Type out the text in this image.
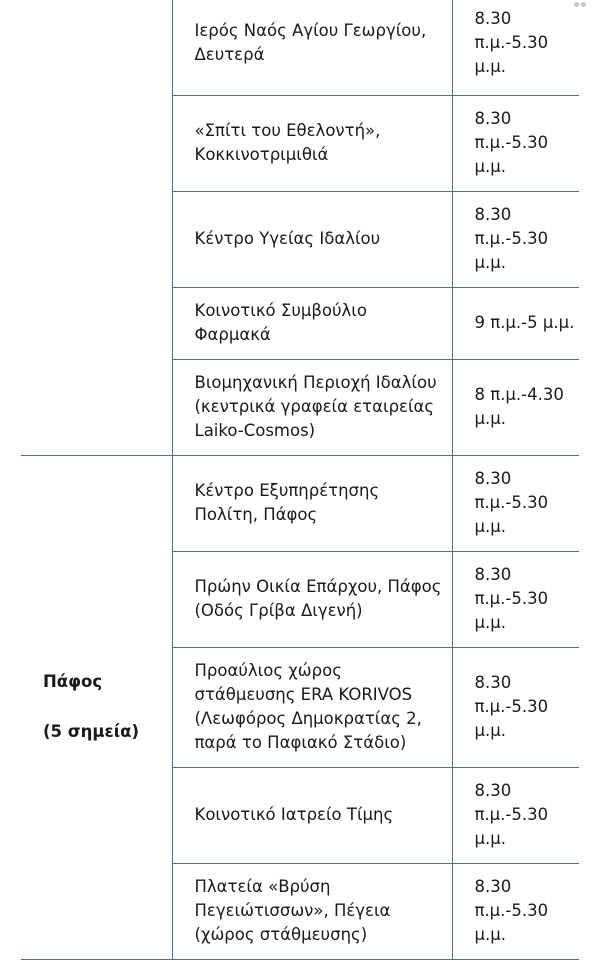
	Ιερός Ναός Αγίου Γεωργίου, Δευτερά	8.30 π.μ.-5.30 μ.μ.
	«Σπίτι του Εθελοντή», Κοκκινοτριμιθιά	8.30 π.μ.-5.30 μ.μ.
	Κέντρο Υγείας Ιδαλίου	8.30 π.μ.-5.30 μ.μ.
	Κοινοτικό Συμβούλιο Φαρμακά	9 π.μ.-5 μ.μ.
	Βιομηχανική Περιοχή Ιδαλίου (κεντρικά γραφεία εταιρείας Laiko-Cosmos)	8 π.μ.-4.30 μ.μ.

Πάφος
(5 σημεία)	Κέντρο Εξυπηρέτησης Πολίτη, Πάφος	8.30 π.μ.-5.30 μ.μ.
	Πρώην Οικία Επάρχου, Πάφος (Οδός Γρίβα Διγενή)	8.30 π.μ.-5.30 μ.μ.
	Προαύλιος χώρος στάθμευσης ERA KORIVOS (Λεωφόρος Δημοκρατίας 2, παρά το Παφιακό Στάδιο)	8.30 π.μ.-5.30 μ.μ.
	Κοινοτικό Ιατρείο Τίμης	8.30 π.μ.-5.30 μ.μ.
	Πλατεία «Βρύση Πεγειώτισσων», Πέγεια (χώρος στάθμευσης)	8.30 π.μ.-5.30 μ.μ.
